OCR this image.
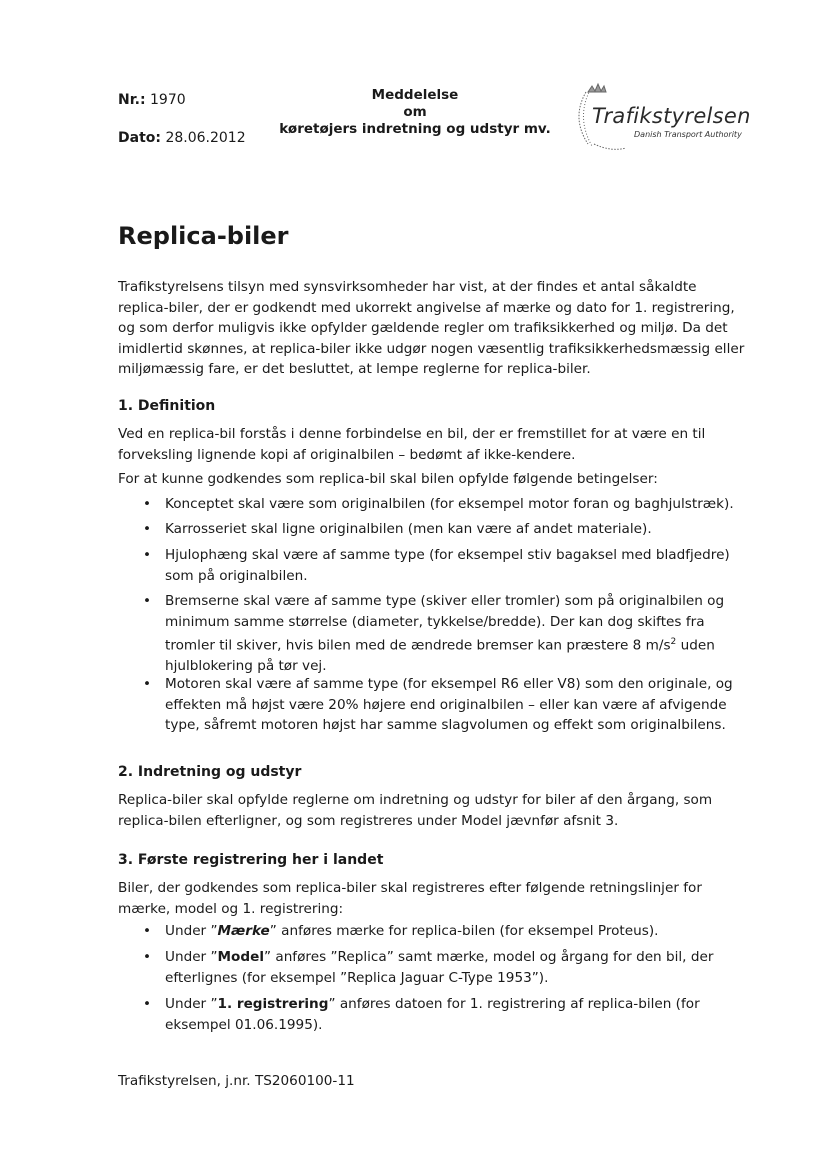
Nr.: 1970
Dato: 28.06.2012
Meddelelse
om
køretøjers indretning og udstyr mv.
Trafikstyrelsen
Danish Transport Authority
Replica-biler

Trafikstyrelsens tilsyn med synsvirksomheder har vist, at der findes et antal såkaldte replica-biler, der er godkendt med ukorrekt angivelse af mærke og dato for 1. registrering, og som derfor muligvis ikke opfylder gældende regler om trafiksikkerhed og miljø. Da det imidlertid skønnes, at replica-biler ikke udgør nogen væsentlig trafiksikkerhedsmæssig eller miljømæssig fare, er det besluttet, at lempe reglerne for replica-biler.

1. Definition

Ved en replica-bil forstås i denne forbindelse en bil, der er fremstillet for at være en til forveksling lignende kopi af originalbilen – bedømt af ikke-kendere.

For at kunne godkendes som replica-bil skal bilen opfylde følgende betingelser:

• Konceptet skal være som originalbilen (for eksempel motor foran og baghjulstræk).
• Karrosseriet skal ligne originalbilen (men kan være af andet materiale).
• Hjulophæng skal være af samme type (for eksempel stiv bagaksel med bladfjedre) som på originalbilen.
• Bremserne skal være af samme type (skiver eller tromler) som på originalbilen og minimum samme størrelse (diameter, tykkelse/bredde). Der kan dog skiftes fra tromler til skiver, hvis bilen med de ændrede bremser kan præstere 8 $m/s^2$ uden hjulblokering på tør vej.
• Motoren skal være af samme type (for eksempel R6 eller V8) som den originale, og effekten må højst være 20% højere end originalbilen – eller kan være af afvigende type, såfremt motoren højst har samme slagvolumen og effekt som originalbilens.
2. Indretning og udstyr

Replica-biler skal opfylde reglerne om indretning og udstyr for biler af den årgang, som replica-bilen efterligner, og som registreres under Model jævnfør afsnit 3.

3. Første registrering her i landet

Biler, der godkendes som replica-biler skal registreres efter følgende retningslinjer for mærke, model og 1. registrering:

• Under ”Mærke” anføres mærke for replica-bilen (for eksempel Proteus).
• Under ”Model” anføres ”Replica” samt mærke, model og årgang for den bil, der efterlignes (for eksempel ”Replica Jaguar C-Type 1953”).
• Under ”1. registrering” anføres datoen for 1. registrering af replica-bilen (for eksempel 01.06.1995).
Trafikstyrelsen, j.nr. TS2060100-11
